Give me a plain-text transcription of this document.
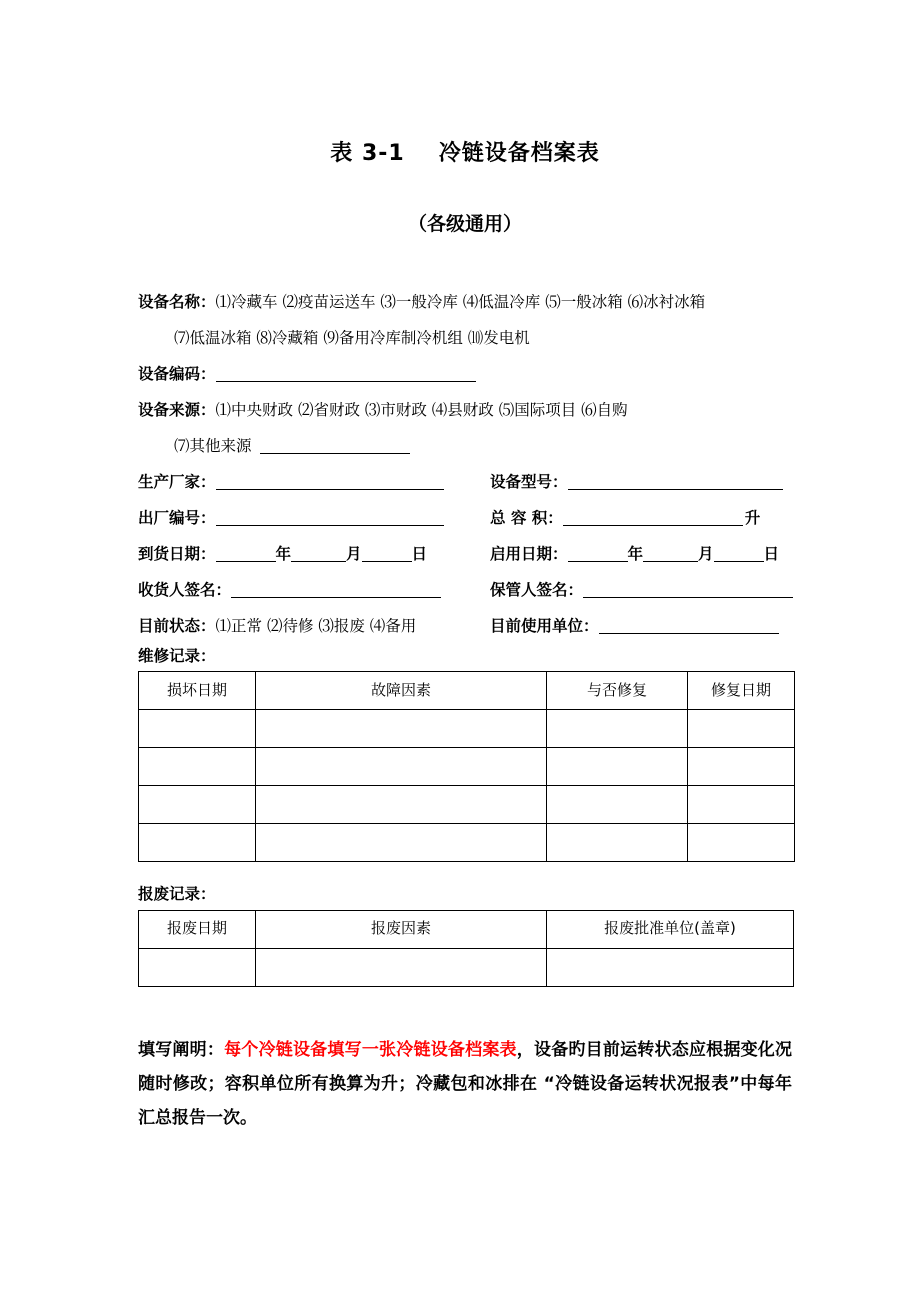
表 3-1 冷链设备档案表
（各级通用）
设备名称： ⑴冷藏车 ⑵疫苗运送车 ⑶一般冷库 ⑷低温冷库 ⑸一般冰箱 ⑹冰衬冰箱
⑺低温冰箱 ⑻冷藏箱 ⑼备用冷库制冷机组 ⑽发电机
设备编码：
设备来源： ⑴中央财政 ⑵省财政 ⑶市财政 ⑷县财政 ⑸国际项目 ⑹自购
⑺其他来源
生产厂家：	设备型号：
出厂编号：	总 容 积：	升
到货日期：	年	月	日	启用日期：	年	月	日
收货人签名：	保管人签名：
目前状态： ⑴正常 ⑵待修 ⑶报废 ⑷备用	目前使用单位：
维修记录：
损坏日期	故障因素	与否修复	修复日期

报废记录：
报废日期	报废因素	报废批准单位(盖章)

填写阐明：每个冷链设备填写一张冷链设备档案表，设备旳目前运转状态应根据变化况随时修改；容积单位所有换算为升；冷藏包和冰排在 “冷链设备运转状况报表”中每年汇总报告一次。
